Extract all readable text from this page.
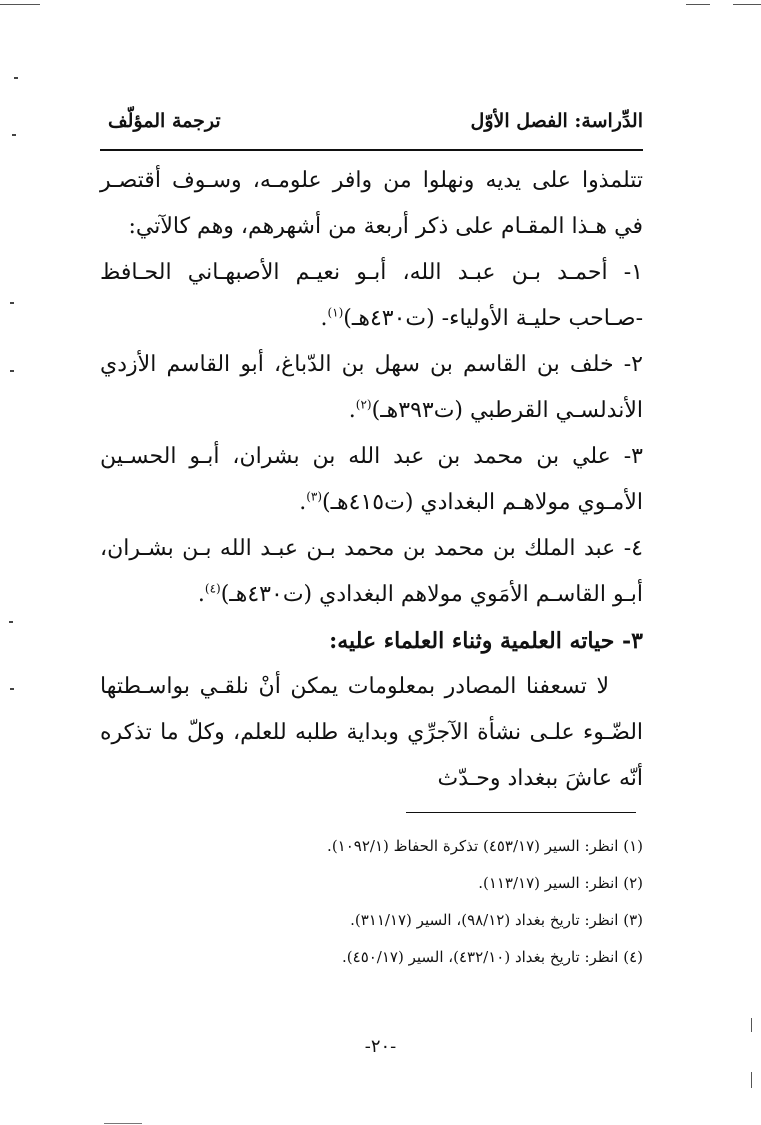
الدِّراسة: الفصل الأوّل
ترجمة المؤلّف

تتلمذوا على يديه ونهلوا من وافر علومـه، وسـوف أقتصـر في هـذا المقـام على ذكر أربعة من أشهرهم، وهم كالآتي:

١- أحمـد بـن عبـد الله، أبـو نعيـم الأصبهـاني الحـافظ -صـاحب حليـة الأولياء- (ت٤٣٠هـ)$^{(١)}$.

٢- خلف بن القاسم بن سهل بن الدّباغ، أبو القاسم الأزدي الأندلسـي القرطبي (ت٣٩٣هـ)$^{(٢)}$.

٣- علي بن محمد بن عبد الله بن بشران، أبـو الحسـين الأمـوي مولاهـم البغدادي (ت٤١٥هـ)$^{(٣)}$.

٤- عبد الملك بن محمد بن محمد بـن عبـد الله بـن بشـران، أبـو القاسـم الأمَوي مولاهم البغدادي (ت٤٣٠هـ)$^{(٤)}$.

٣- حياته العلمية وثناء العلماء عليه:

لا تسعفنا المصادر بمعلومات يمكن أنْ نلقـي بواسـطتها الضّـوء علـى نشأة الآجرِّي وبداية طلبه للعلم، وكلّ ما تذكره أنّه عاشَ ببغداد وحـدّث

(١) انظر: السير (٤٥٣/١٧) تذكرة الحفاظ (١٠٩٢/١).
(٢) انظر: السير (١١٣/١٧).
(٣) انظر: تاريخ بغداد (٩٨/١٢)، السير (٣١١/١٧).
(٤) انظر: تاريخ بغداد (٤٣٢/١٠)، السير (٤٥٠/١٧).
-٢٠-
